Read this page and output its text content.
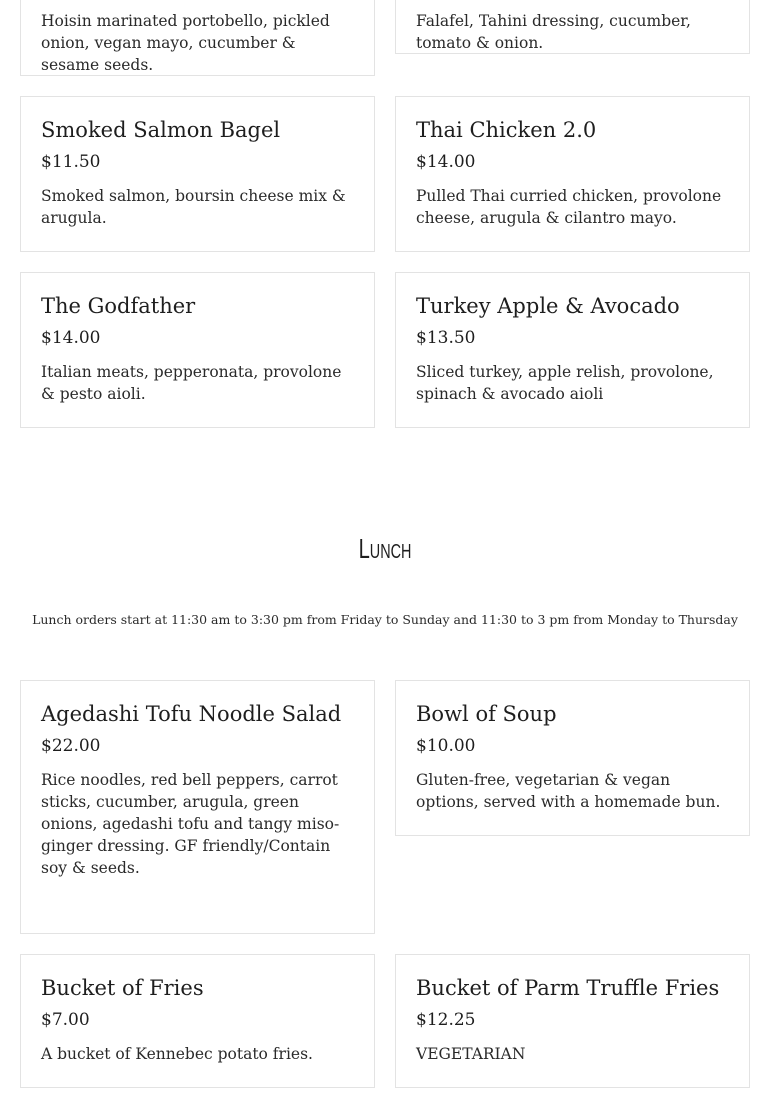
Hoisin marinated portobello, pickled onion, vegan mayo, cucumber & sesame seeds.
Falafel, Tahini dressing, cucumber, tomato & onion.
Smoked Salmon Bagel
$11.50
Smoked salmon, boursin cheese mix & arugula.
Thai Chicken 2.0
$14.00
Pulled Thai curried chicken, provolone cheese, arugula & cilantro mayo.
The Godfather
$14.00
Italian meats, pepperonata, provolone & pesto aioli.
Turkey Apple & Avocado
$13.50
Sliced turkey, apple relish, provolone, spinach & avocado aioli
Lunch

Lunch orders start at 11:30 am to 3:30 pm from Friday to Sunday and 11:30 to 3 pm from Monday to Thursday

Agedashi Tofu Noodle Salad
$22.00
Rice noodles, red bell peppers, carrot sticks, cucumber, arugula, green onions, agedashi tofu and tangy miso-ginger dressing. GF friendly/Contain soy & seeds.
Bowl of Soup
$10.00
Gluten-free, vegetarian & vegan options, served with a homemade bun.
Bucket of Fries
$7.00
A bucket of Kennebec potato fries.
Bucket of Parm Truffle Fries
$12.25
VEGETARIAN
